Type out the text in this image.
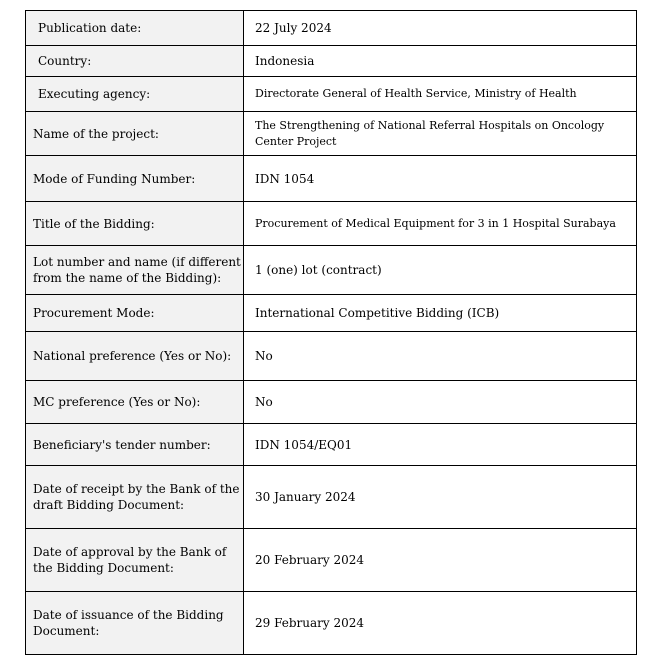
Publication date:	22 July 2024
Country:	Indonesia
Executing agency:	Directorate General of Health Service, Ministry of Health
Name of the project:	The Strengthening of National Referral Hospitals on Oncology Center Project
Mode of Funding Number:	IDN 1054
Title of the Bidding:	Procurement of Medical Equipment for 3 in 1 Hospital Surabaya
Lot number and name (if different from the name of the Bidding):	1 (one) lot (contract)
Procurement Mode:	International Competitive Bidding (ICB)
National preference (Yes or No):	No
MC preference (Yes or No):	No
Beneficiary's tender number:	IDN 1054/EQ01
Date of receipt by the Bank of the draft Bidding Document:	30 January 2024
Date of approval by the Bank of the Bidding Document:	20 February 2024
Date of issuance of the Bidding Document:	29 February 2024
